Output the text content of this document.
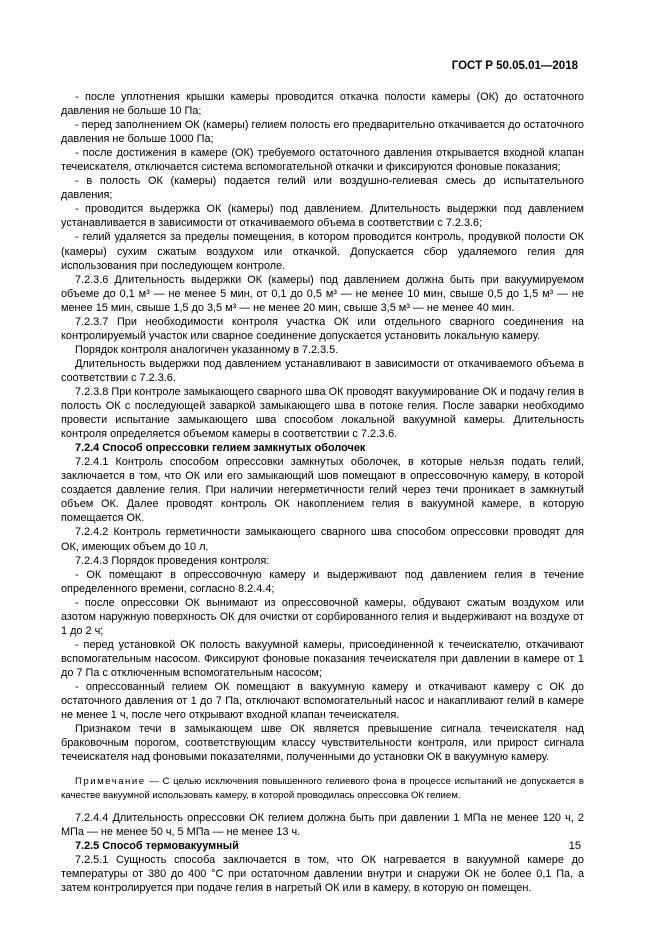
ГОСТ Р 50.05.01—2018

- после уплотнения крышки камеры проводится откачка полости камеры (ОК) до остаточного давления не больше 10 Па;

- перед заполнением ОК (камеры) гелием полость его предварительно откачивается до остаточного давления не больше 1000 Па;

- после достижения в камере (ОК) требуемого остаточного давления открывается входной клапан течеискателя, отключается система вспомогательной откачки и фиксируются фоновые показания;

- в полость ОК (камеры) подается гелий или воздушно-гелиевая смесь до испытательного давления;

- проводится выдержка ОК (камеры) под давлением. Длительность выдержки под давлением устанавливается в зависимости от откачиваемого объема в соответствии с 7.2.3.6;

- гелий удаляется за пределы помещения, в котором проводится контроль, продувкой полости ОК (камеры) сухим сжатым воздухом или откачкой. Допускается сбор удаляемого гелия для использования при последующем контроле.

7.2.3.6 Длительность выдержки ОК (камеры) под давлением должна быть при вакуумируемом объеме до 0,1 м³ — не менее 5 мин, от 0,1 до 0,5 м³ — не менее 10 мин, свыше 0,5 до 1,5 м³ — не менее 15 мин, свыше 1,5 до 3,5 м³ — не менее 20 мин, свыше 3,5 м³ — не менее 40 мин.

7.2.3.7 При необходимости контроля участка ОК или отдельного сварного соединения на контролируемый участок или сварное соединение допускается установить локальную камеру.

Порядок контроля аналогичен указанному в 7.2.3.5.

Длительность выдержки под давлением устанавливают в зависимости от откачиваемого объема в соответствии с 7.2.3.6.

7.2.3.8 При контроле замыкающего сварного шва ОК проводят вакуумирование ОК и подачу гелия в полость ОК с последующей заваркой замыкающего шва в потоке гелия. После заварки необходимо провести испытание замыкающего шва способом локальной вакуумной камеры. Длительность контроля определяется объемом камеры в соответствии с 7.2.3.6.

7.2.4 Способ опрессовки гелием замкнутых оболочек

7.2.4.1 Контроль способом опрессовки замкнутых оболочек, в которые нельзя подать гелий, заключается в том, что ОК или его замыкающий шов помещают в опрессовочную камеру, в которой создается давление гелия. При наличии негерметичности гелий через течи проникает в замкнутый объем ОК. Далее проводят контроль ОК накоплением гелия в вакуумной камере, в которую помещается ОК.

7.2.4.2 Контроль герметичности замыкающего сварного шва способом опрессовки проводят для ОК, имеющих объем до 10 л.

7.2.4.3 Порядок проведения контроля:

- ОК помещают в опрессовочную камеру и выдерживают под давлением гелия в течение определенного времени, согласно 8.2.4.4;

- после опрессовки ОК вынимают из опрессовочной камеры, обдувают сжатым воздухом или азотом наружную поверхность ОК для очистки от сорбированного гелия и выдерживают на воздухе от 1 до 2 ч;

- перед установкой ОК полость вакуумной камеры, присоединенной к течеискателю, откачивают вспомогательным насосом. Фиксируют фоновые показания течеискателя при давлении в камере от 1 до 7 Па с отключенным вспомогательным насосом;

- опрессованный гелием ОК помещают в вакуумную камеру и откачивают камеру с ОК до остаточного давления от 1 до 7 Па, отключают вспомогательный насос и накапливают гелий в камере не менее 1 ч, после чего открывают входной клапан течеискателя.

Признаком течи в замыкающем шве ОК является превышение сигнала течеискателя над браковочным порогом, соответствующим классу чувствительности контроля, или прирост сигнала течеискателя над фоновыми показателями, полученными до установки ОК в вакуумную камеру.

Примечание — С целью исключения повышенного гелиевого фона в процессе испытаний не допускается в качестве вакуумной использовать камеру, в которой проводилась опрессовка ОК гелием.

7.2.4.4 Длительность опрессовки ОК гелием должна быть при давлении 1 МПа не менее 120 ч, 2 МПа — не менее 50 ч, 5 МПа — не менее 13 ч.

7.2.5 Способ термовакуумный

7.2.5.1 Сущность способа заключается в том, что ОК нагревается в вакуумной камере до температуры от 380 до 400 °С при остаточном давлении внутри и снаружи ОК не более 0,1 Па, а затем контролируется при подаче гелия в нагретый ОК или в камеру, в которую он помещен.

15
